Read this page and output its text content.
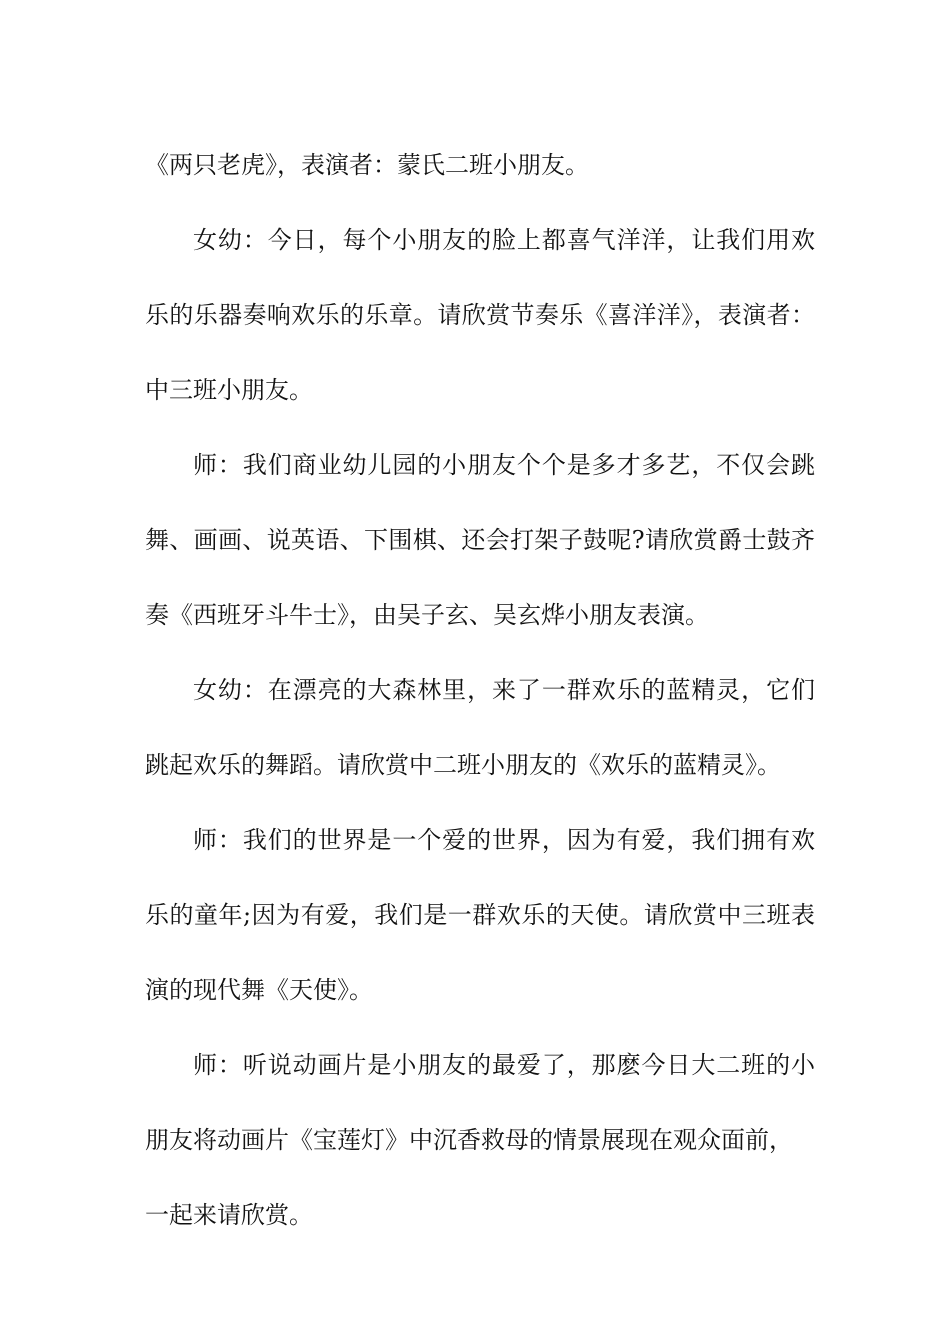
《两只老虎》，表演者：蒙氏二班小朋友。
女幼：今日，每个小朋友的脸上都喜气洋洋，让我们用欢
乐的乐器奏响欢乐的乐章。请欣赏节奏乐《喜洋洋》，表演者：
中三班小朋友。
师：我们商业幼儿园的小朋友个个是多才多艺，不仅会跳
舞、画画、说英语、下围棋、还会打架子鼓呢?请欣赏爵士鼓齐
奏《西班牙斗牛士》，由吴子玄、吴玄烨小朋友表演。
女幼：在漂亮的大森林里，来了一群欢乐的蓝精灵，它们
跳起欢乐的舞蹈。请欣赏中二班小朋友的《欢乐的蓝精灵》。
师：我们的世界是一个爱的世界，因为有爱，我们拥有欢
乐的童年;因为有爱，我们是一群欢乐的天使。请欣赏中三班表
演的现代舞《天使》。
师：听说动画片是小朋友的最爱了，那麽今日大二班的小
朋友将动画片《宝莲灯》中沉香救母的情景展现在观众面前，
一起来请欣赏。
